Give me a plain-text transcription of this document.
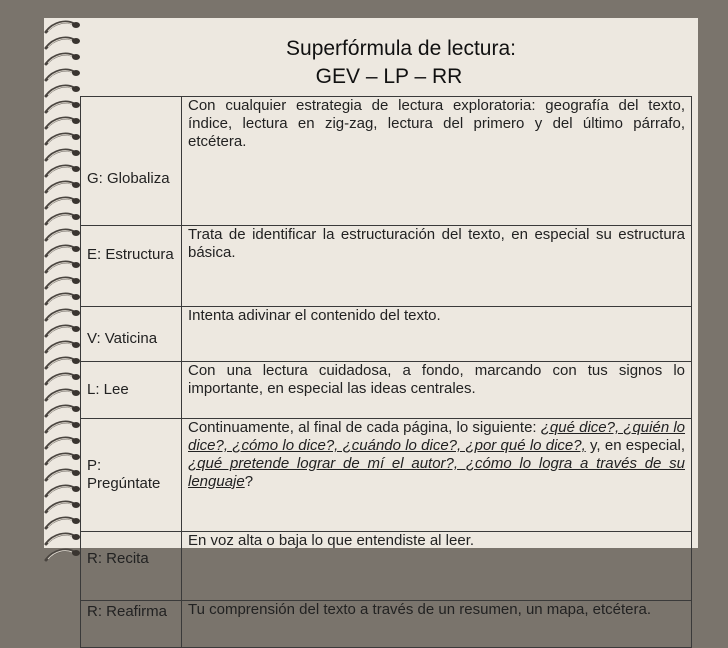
Superfórmula de lectura:
GEV – LP – RR
G: Globaliza	Con cualquier estrategia de lectura exploratoria: geografía del texto, índice, lectura en zig-zag, lectura del primero y del último párrafo, etcétera.
E: Estructura	Trata de identificar la estructuración del texto, en especial su estructura básica.
V: Vaticina	Intenta adivinar el contenido del texto.
L: Lee	Con una lectura cuidadosa, a fondo, marcando con tus signos lo importante, en especial las ideas centrales.
P: Pregúntate	Continuamente, al final de cada página, lo siguiente: ¿qué dice?, ¿quién lo dice?, ¿cómo lo dice?, ¿cuándo lo dice?, ¿por qué lo dice?, y, en especial, ¿qué pretende lograr de mí el autor?, ¿cómo lo logra a través de su lenguaje?
R: Recita	En voz alta o baja lo que entendiste al leer.
R: Reafirma	Tu comprensión del texto a través de un resumen, un mapa, etcétera.
